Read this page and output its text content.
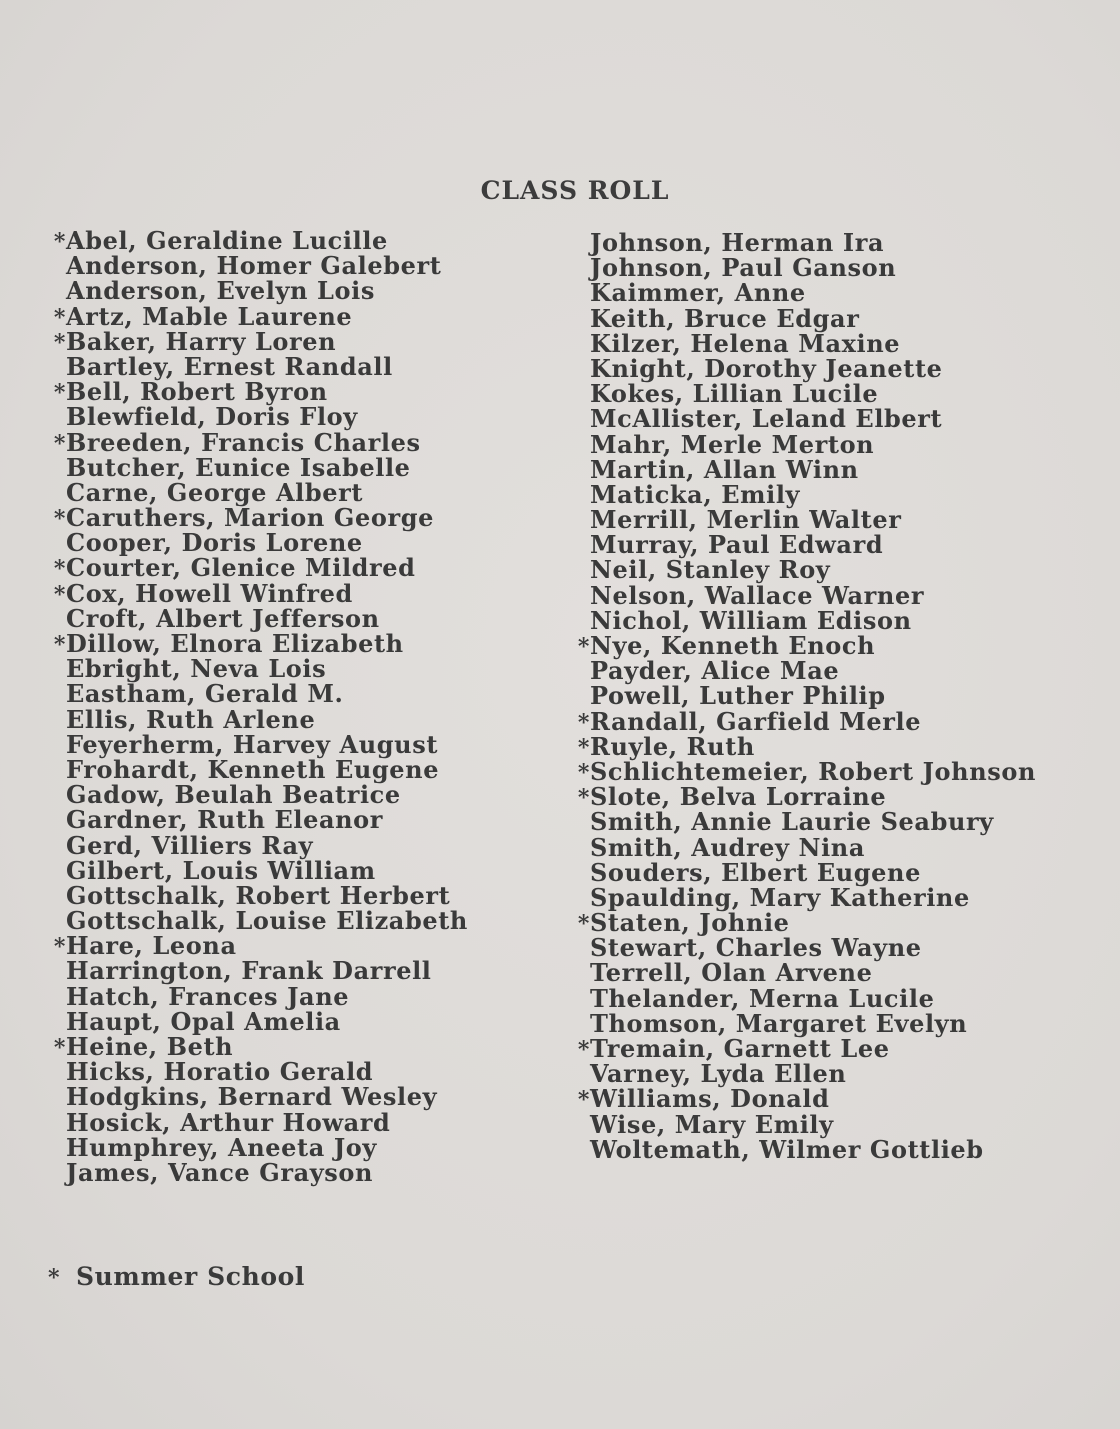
CLASS ROLL
*Abel, Geraldine Lucille
Anderson, Homer Galebert
Anderson, Evelyn Lois
*Artz, Mable Laurene
*Baker, Harry Loren
Bartley, Ernest Randall
*Bell, Robert Byron
Blewfield, Doris Floy
*Breeden, Francis Charles
Butcher, Eunice Isabelle
Carne, George Albert
*Caruthers, Marion George
Cooper, Doris Lorene
*Courter, Glenice Mildred
*Cox, Howell Winfred
Croft, Albert Jefferson
*Dillow, Elnora Elizabeth
Ebright, Neva Lois
Eastham, Gerald M.
Ellis, Ruth Arlene
Feyerherm, Harvey August
Frohardt, Kenneth Eugene
Gadow, Beulah Beatrice
Gardner, Ruth Eleanor
Gerd, Villiers Ray
Gilbert, Louis William
Gottschalk, Robert Herbert
Gottschalk, Louise Elizabeth
*Hare, Leona
Harrington, Frank Darrell
Hatch, Frances Jane
Haupt, Opal Amelia
*Heine, Beth
Hicks, Horatio Gerald
Hodgkins, Bernard Wesley
Hosick, Arthur Howard
Humphrey, Aneeta Joy
James, Vance Grayson
Johnson, Herman Ira
Johnson, Paul Ganson
Kaimmer, Anne
Keith, Bruce Edgar
Kilzer, Helena Maxine
Knight, Dorothy Jeanette
Kokes, Lillian Lucile
McAllister, Leland Elbert
Mahr, Merle Merton
Martin, Allan Winn
Maticka, Emily
Merrill, Merlin Walter
Murray, Paul Edward
Neil, Stanley Roy
Nelson, Wallace Warner
Nichol, William Edison
*Nye, Kenneth Enoch
Payder, Alice Mae
Powell, Luther Philip
*Randall, Garfield Merle
*Ruyle, Ruth
*Schlichtemeier, Robert Johnson
*Slote, Belva Lorraine
Smith, Annie Laurie Seabury
Smith, Audrey Nina
Souders, Elbert Eugene
Spaulding, Mary Katherine
*Staten, Johnie
Stewart, Charles Wayne
Terrell, Olan Arvene
Thelander, Merna Lucile
Thomson, Margaret Evelyn
*Tremain, Garnett Lee
Varney, Lyda Ellen
*Williams, Donald
Wise, Mary Emily
Woltemath, Wilmer Gottlieb
* Summer School
